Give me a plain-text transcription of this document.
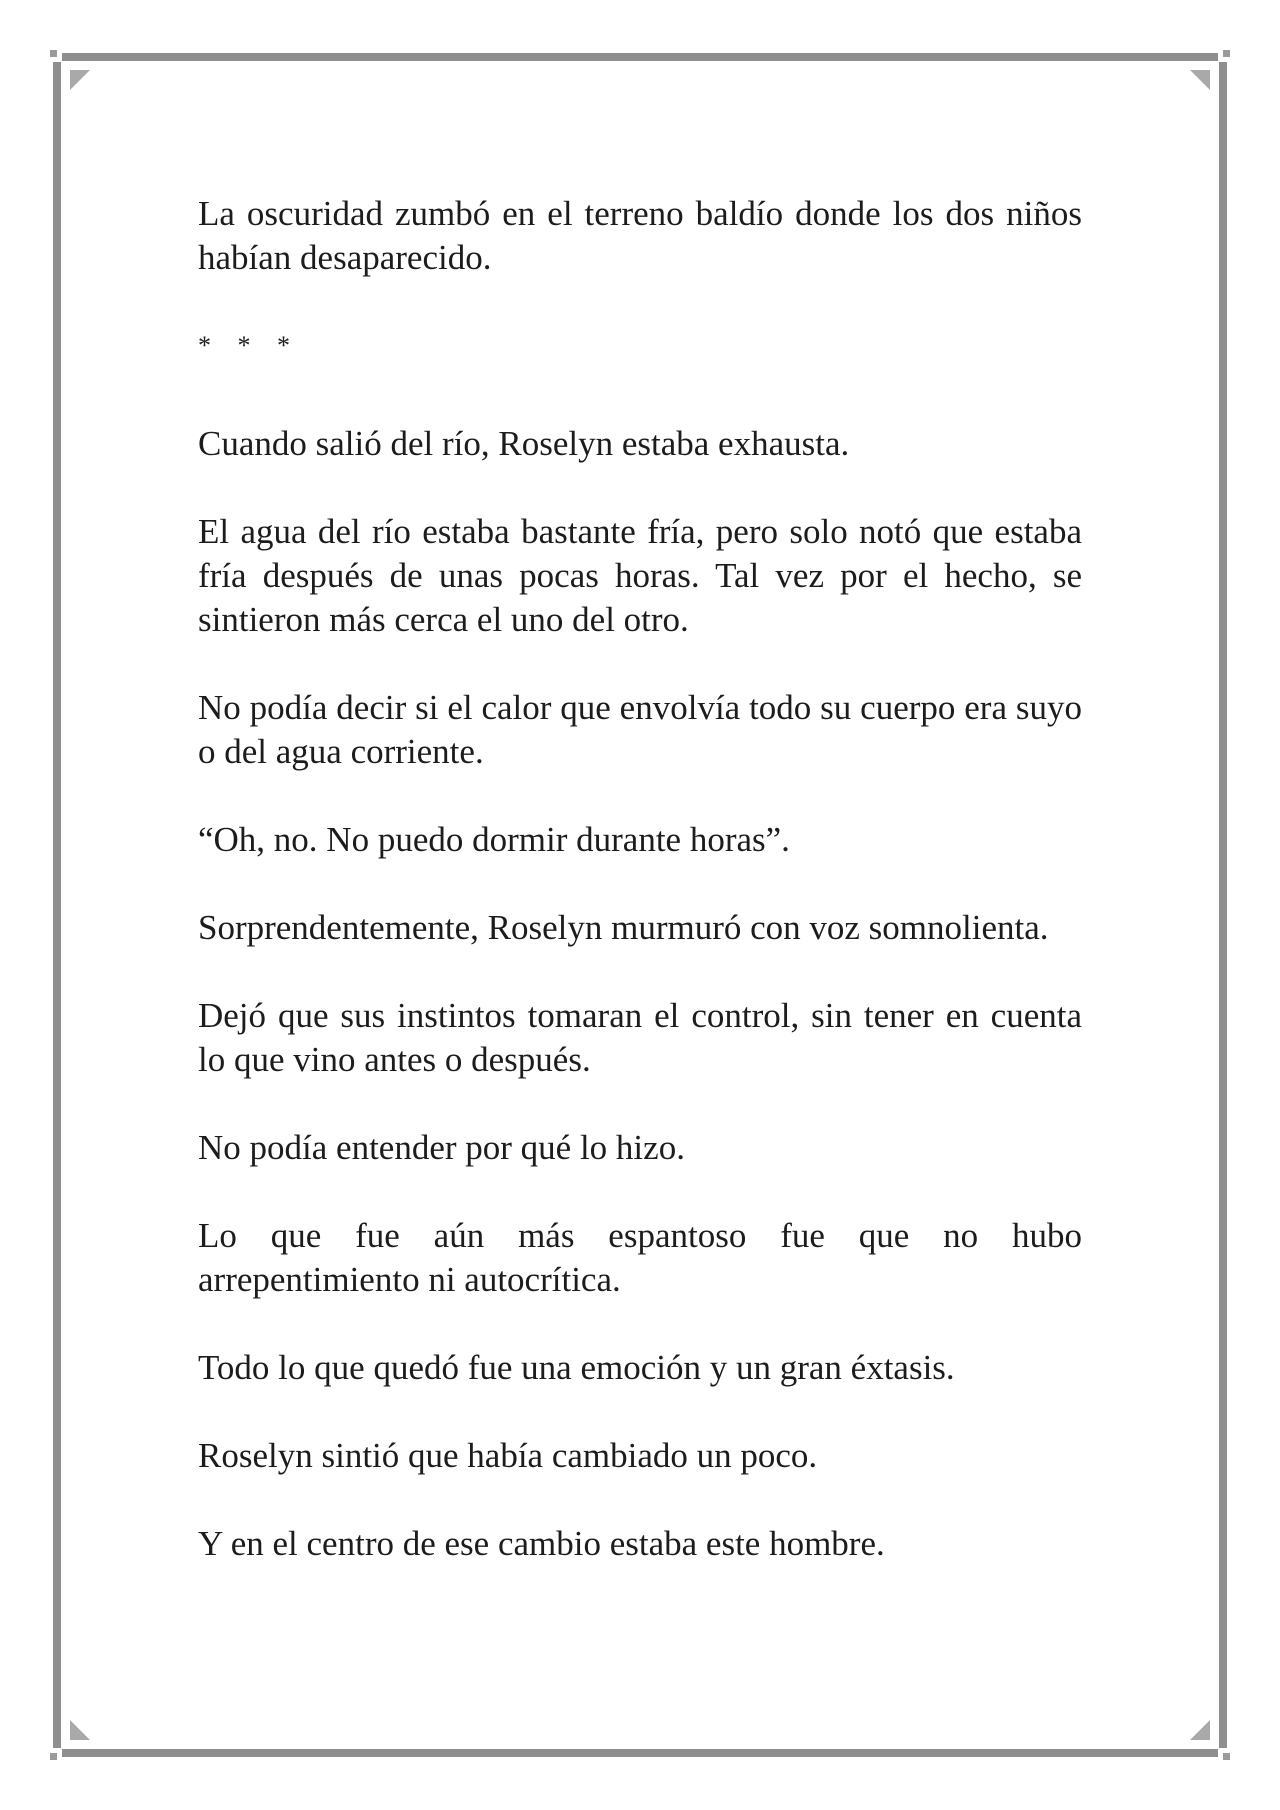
La oscuridad zumbó en el terreno baldío donde los dos niños habían desaparecido.

* * *

Cuando salió del río, Roselyn estaba exhausta.

El agua del río estaba bastante fría, pero solo notó que estaba fría después de unas pocas horas. Tal vez por el hecho, se sintieron más cerca el uno del otro.

No podía decir si el calor que envolvía todo su cuerpo era suyo o del agua corriente.

“Oh, no. No puedo dormir durante horas”.

Sorprendentemente, Roselyn murmuró con voz somnolienta.

Dejó que sus instintos tomaran el control, sin tener en cuenta lo que vino antes o después.

No podía entender por qué lo hizo.

Lo que fue aún más espantoso fue que no hubo arrepentimiento ni autocrítica.

Todo lo que quedó fue una emoción y un gran éxtasis.

Roselyn sintió que había cambiado un poco.

Y en el centro de ese cambio estaba este hombre.
